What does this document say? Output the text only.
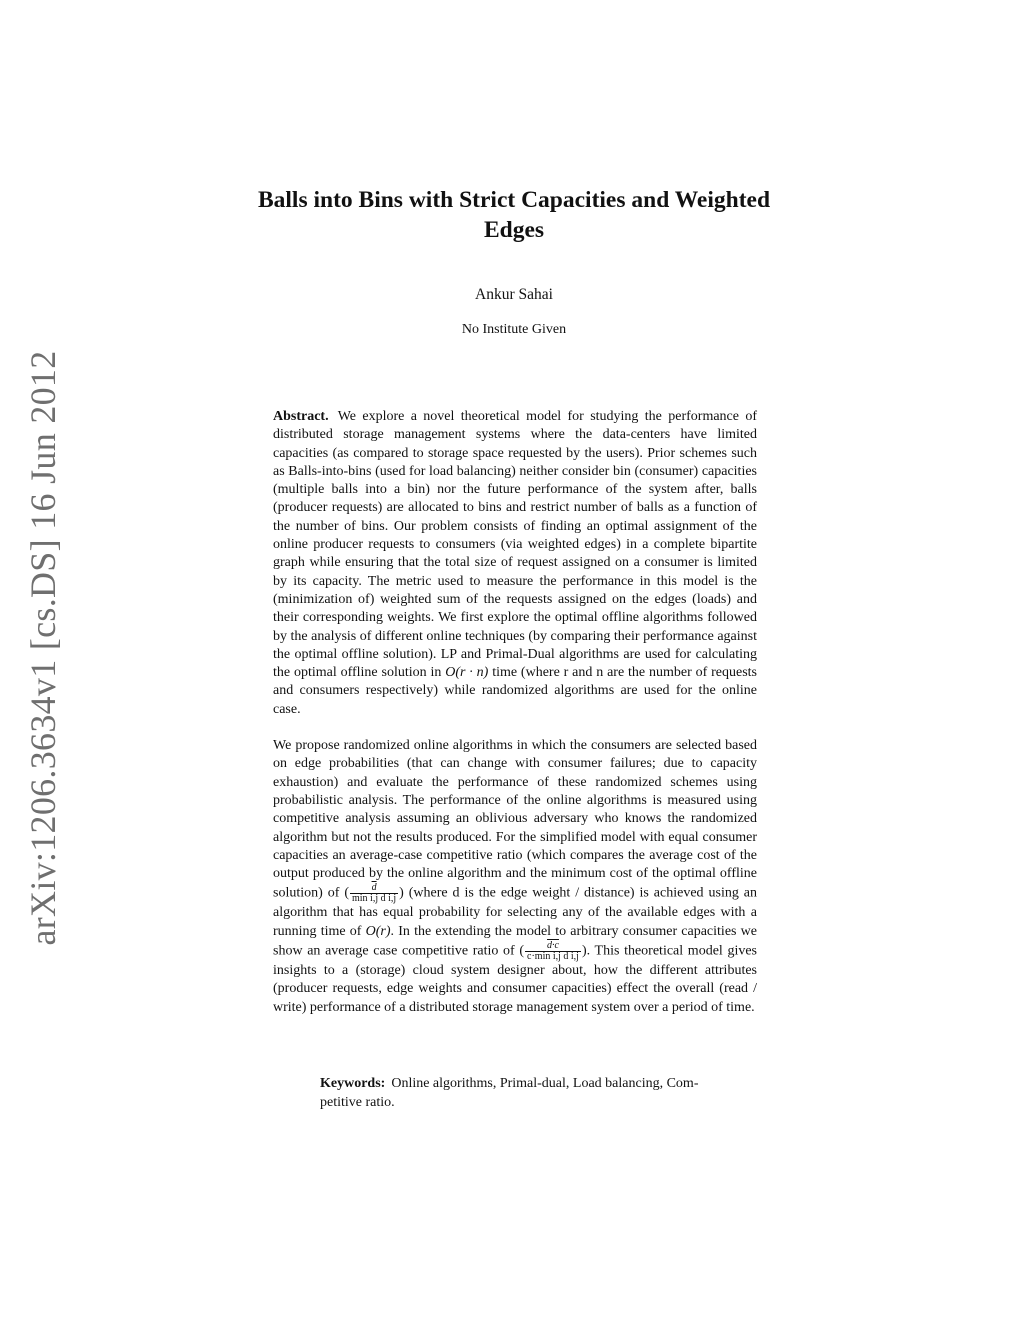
arXiv:1206.3634v1 [cs.DS] 16 Jun 2012
Balls into Bins with Strict Capacities and Weighted Edges
Ankur Sahai
No Institute Given

Abstract. We explore a novel theoretical model for studying the performance of distributed storage management systems where the data-centers have limited capacities (as compared to storage space requested by the users). Prior schemes such as Balls-into-bins (used for load balancing) neither consider bin (consumer) capacities (multiple balls into a bin) nor the future performance of the system after, balls (producer requests) are allocated to bins and restrict number of balls as a function of the number of bins. Our problem consists of finding an optimal assignment of the online producer requests to consumers (via weighted edges) in a complete bipartite graph while ensuring that the total size of request assigned on a consumer is limited by its capacity. The metric used to measure the performance in this model is the (minimization of) weighted sum of the requests assigned on the edges (loads) and their corresponding weights. We first explore the optimal offline algorithms followed by the analysis of different online techniques (by comparing their performance against the optimal offline solution). LP and Primal-Dual algorithms are used for calculating the optimal offline solution in O(r · n) time (where r and n are the number of requests and consumers respectively) while randomized algorithms are used for the online case.

We propose randomized online algorithms in which the consumers are selected based on edge probabilities (that can change with consumer failures; due to capacity exhaustion) and evaluate the performance of these randomized schemes using probabilistic analysis. The performance of the online algorithms is measured using competitive analysis assuming an oblivious adversary who knows the randomized algorithm but not the results produced. For the simplified model with equal consumer capacities an average-case competitive ratio (which compares the average cost of the output produced by the online algorithm and the minimum cost of the optimal offline solution) of ( $\frac{\overline{d}}{\text{min i,j d i,j}}$ ) (where d is the edge weight / distance) is achieved using an algorithm that has equal probability for selecting any of the available edges with a running time of O(r). In the extending the model to arbitrary consumer capacities we show an average case competitive ratio of ( $\frac{d\cdot c}{\text{c·min i,j d i,j}}$ ). This theoretical model gives insights to a (storage) cloud system designer about, how the different attributes (producer requests, edge weights and consumer capacities) effect the overall (read / write) performance of a distributed storage management system over a period of time.

Keywords: Online algorithms, Primal-dual, Load balancing, Competitive ratio.
